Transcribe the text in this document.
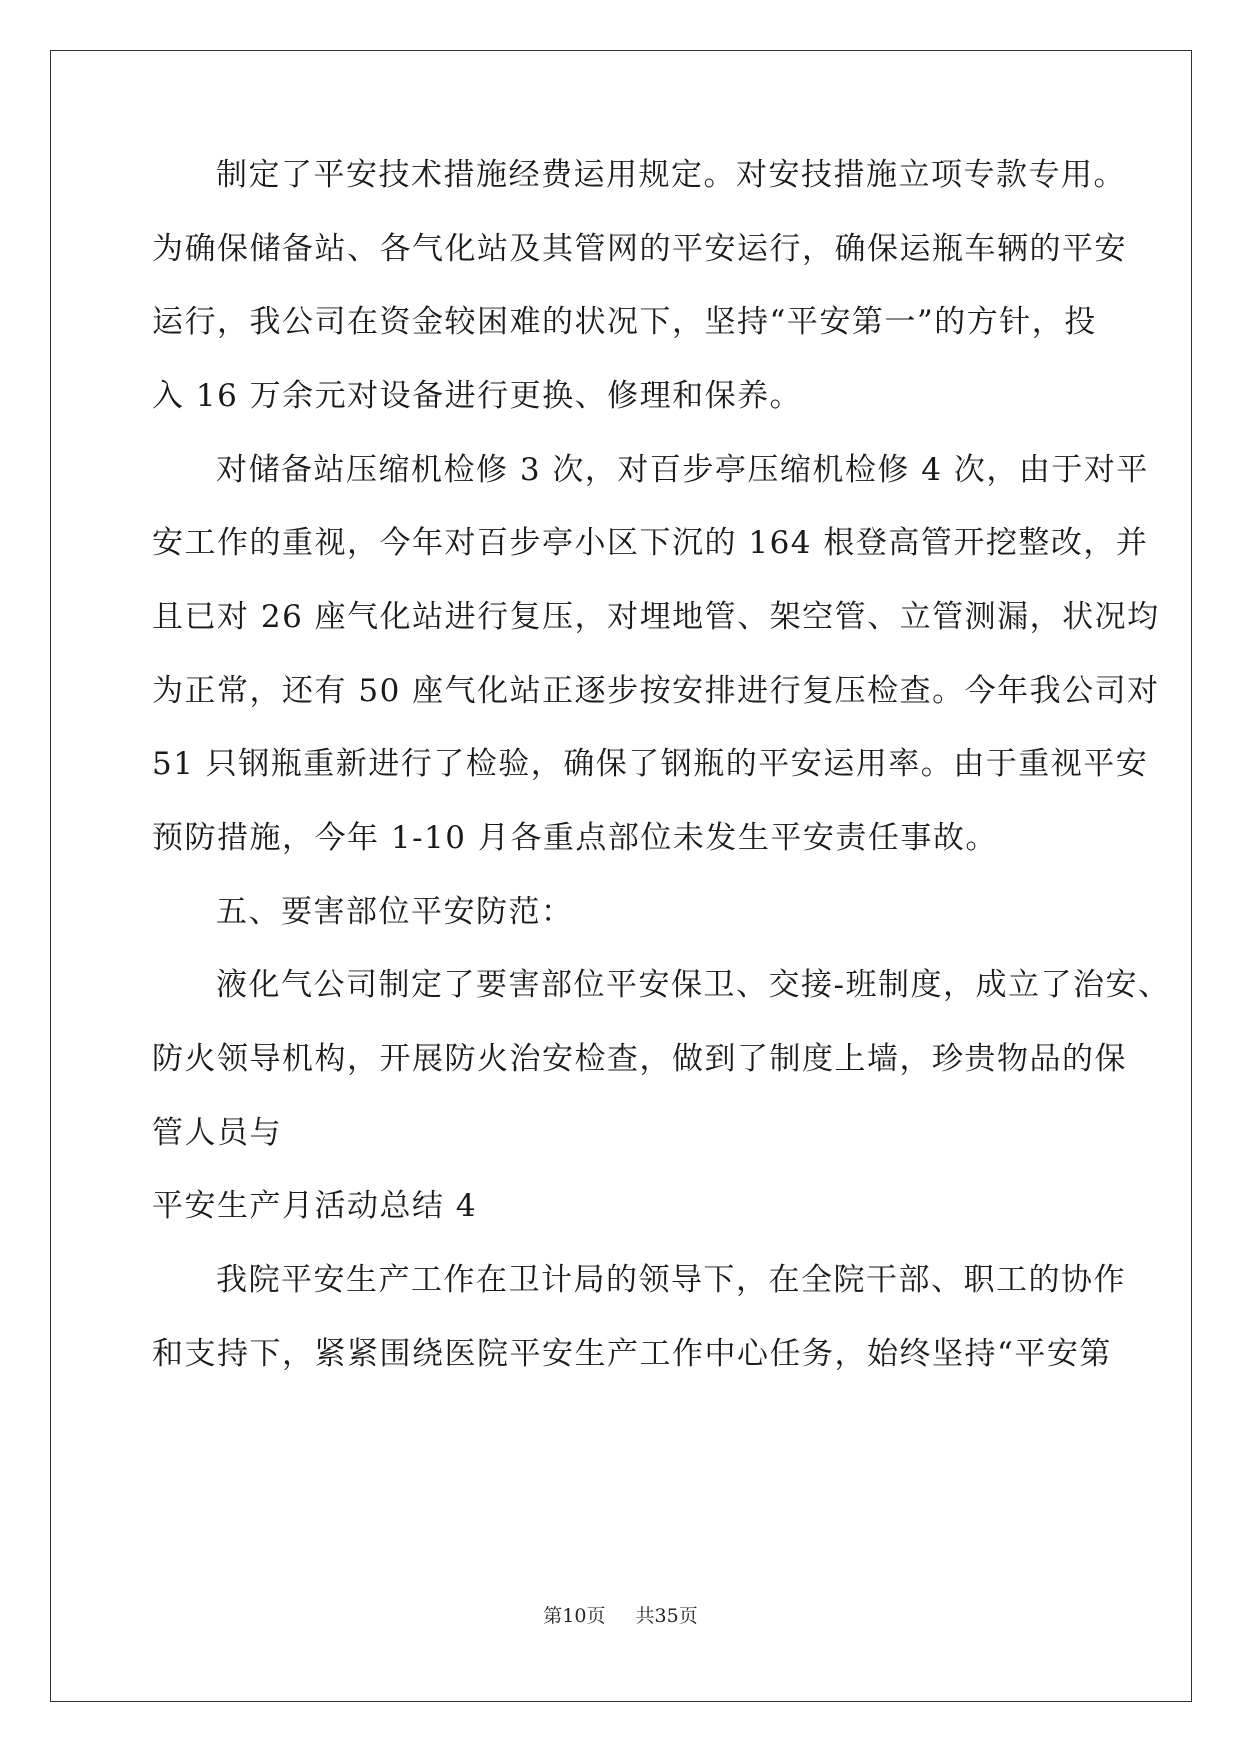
制定了平安技术措施经费运用规定。对安技措施立项专款专用。
为确保储备站、各气化站及其管网的平安运行，确保运瓶车辆的平安
运行，我公司在资金较困难的状况下，坚持“平安第一”的方针，投
入 16 万余元对设备进行更换、修理和保养。
对储备站压缩机检修 3 次，对百步亭压缩机检修 4 次，由于对平
安工作的重视，今年对百步亭小区下沉的 164 根登高管开挖整改，并
且已对 26 座气化站进行复压，对埋地管、架空管、立管测漏，状况均
为正常，还有 50 座气化站正逐步按安排进行复压检查。今年我公司对
51 只钢瓶重新进行了检验，确保了钢瓶的平安运用率。由于重视平安
预防措施，今年 1-10 月各重点部位未发生平安责任事故。
五、要害部位平安防范：
液化气公司制定了要害部位平安保卫、交接-班制度，成立了治安、
防火领导机构，开展防火治安检查，做到了制度上墙，珍贵物品的保
管人员与
平安生产月活动总结 4
我院平安生产工作在卫计局的领导下，在全院干部、职工的协作
和支持下，紧紧围绕医院平安生产工作中心任务，始终坚持“平安第
第10页 共35页
